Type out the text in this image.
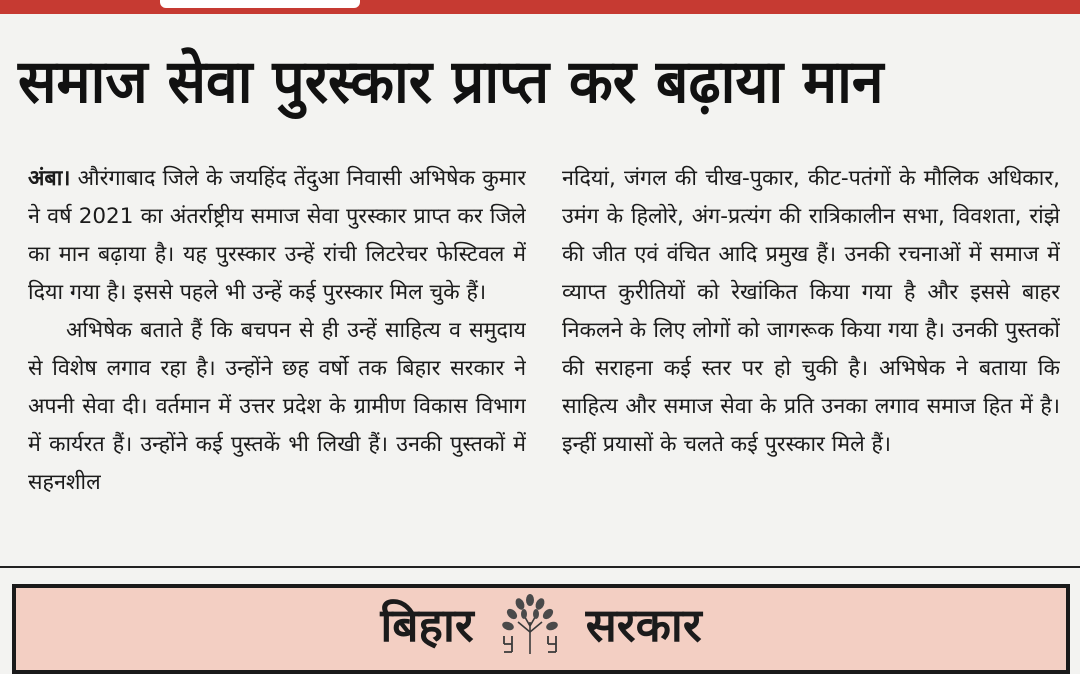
समाज सेवा पुरस्कार प्राप्त कर बढ़ाया मान

अंबा। औरंगाबाद जिले के जयहिंद तेंदुआ निवासी अभिषेक कुमार ने वर्ष 2021 का अंतर्राष्ट्रीय समाज सेवा पुरस्कार प्राप्त कर जिले का मान बढ़ाया है। यह पुरस्कार उन्हें रांची लिटरेचर फेस्टिवल में दिया गया है। इससे पहले भी उन्हें कई पुरस्कार मिल चुके हैं।

अभिषेक बताते हैं कि बचपन से ही उन्हें साहित्य व समुदाय से विशेष लगाव रहा है। उन्होंने छह वर्षो तक बिहार सरकार ने अपनी सेवा दी। वर्तमान में उत्तर प्रदेश के ग्रामीण विकास विभाग में कार्यरत हैं। उन्होंने कई पुस्तकें भी लिखी हैं। उनकी पुस्तकों में सहनशील

नदियां, जंगल की चीख-पुकार, कीट-पतंगों के मौलिक अधिकार, उमंग के हिलोरे, अंग-प्रत्यंग की रात्रिकालीन सभा, विवशता, रांझे की जीत एवं वंचित आदि प्रमुख हैं। उनकी रचनाओं में समाज में व्याप्त कुरीतियों को रेखांकित किया गया है और इससे बाहर निकलने के लिए लोगों को जागरूक किया गया है। उनकी पुस्तकों की सराहना कई स्तर पर हो चुकी है। अभिषेक ने बताया कि साहित्य और समाज सेवा के प्रति उनका लगाव समाज हित में है। इन्हीं प्रयासों के चलते कई पुरस्कार मिले हैं।

बिहार सरकार
